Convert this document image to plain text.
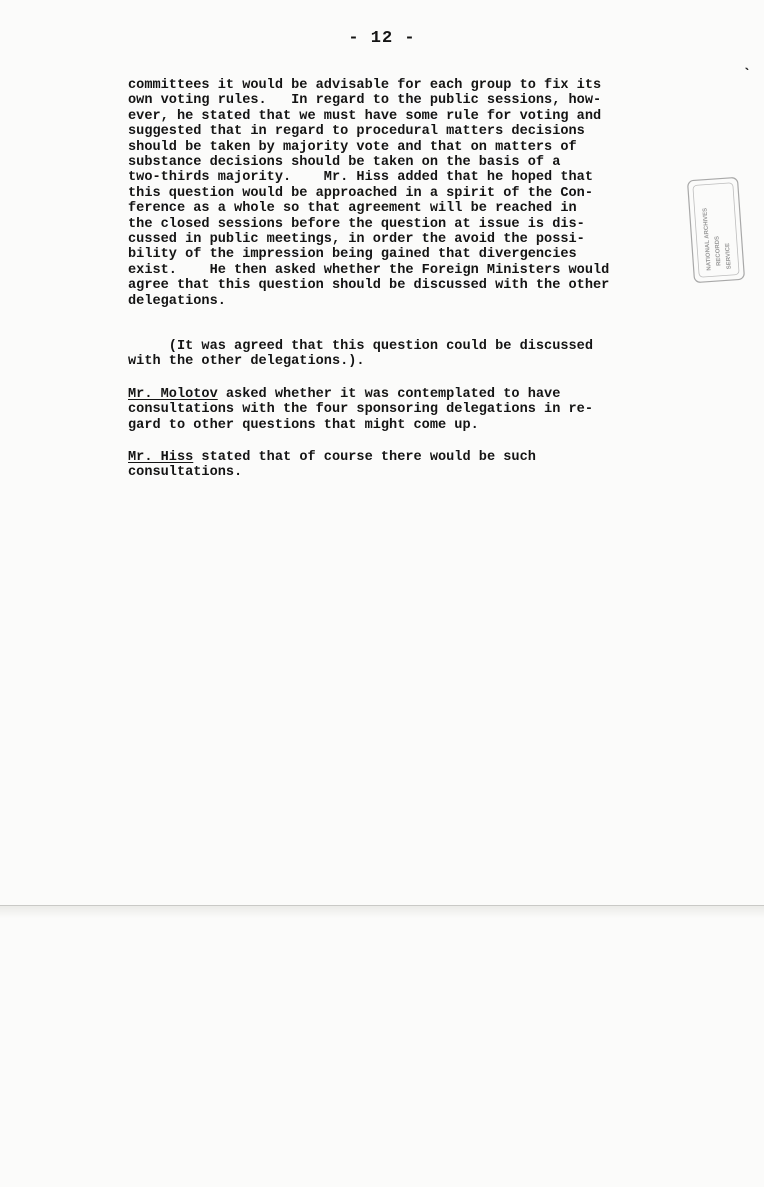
- 12 -
ˎ
NATIONAL ARCHIVES RECORDS SERVICE

committees it would be advisable for each group to fix its
own voting rules.   In regard to the public sessions, how-
ever, he stated that we must have some rule for voting and
suggested that in regard to procedural matters decisions
should be taken by majority vote and that on matters of
substance decisions should be taken on the basis of a
two-thirds majority.    Mr. Hiss added that he hoped that
this question would be approached in a spirit of the Con-
ference as a whole so that agreement will be reached in
the closed sessions before the question at issue is dis-
cussed in public meetings, in order the avoid the possi-
bility of the impression being gained that divergencies
exist.    He then asked whether the Foreign Ministers would
agree that this question should be discussed with the other
delegations.

(It was agreed that this question could be discussed
with the other delegations.).

Mr. Molotov asked whether it was contemplated to have
consultations with the four sponsoring delegations in re-
gard to other questions that might come up.

Mr. Hiss stated that of course there would be such
consultations.
